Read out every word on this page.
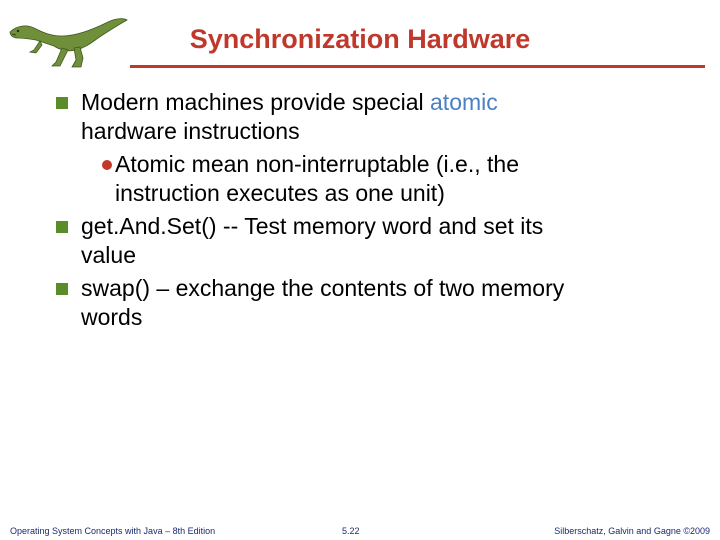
Synchronization Hardware
Modern machines provide special atomic
hardware instructions
Atomic mean non-interruptable (i.e., the
instruction executes as one unit)
get.And.Set() -- Test memory word and set its
value
swap() – exchange the contents of two memory
words
Operating System Concepts with Java – 8th Edition	5.22	Silberschatz, Galvin and Gagne ©2009
